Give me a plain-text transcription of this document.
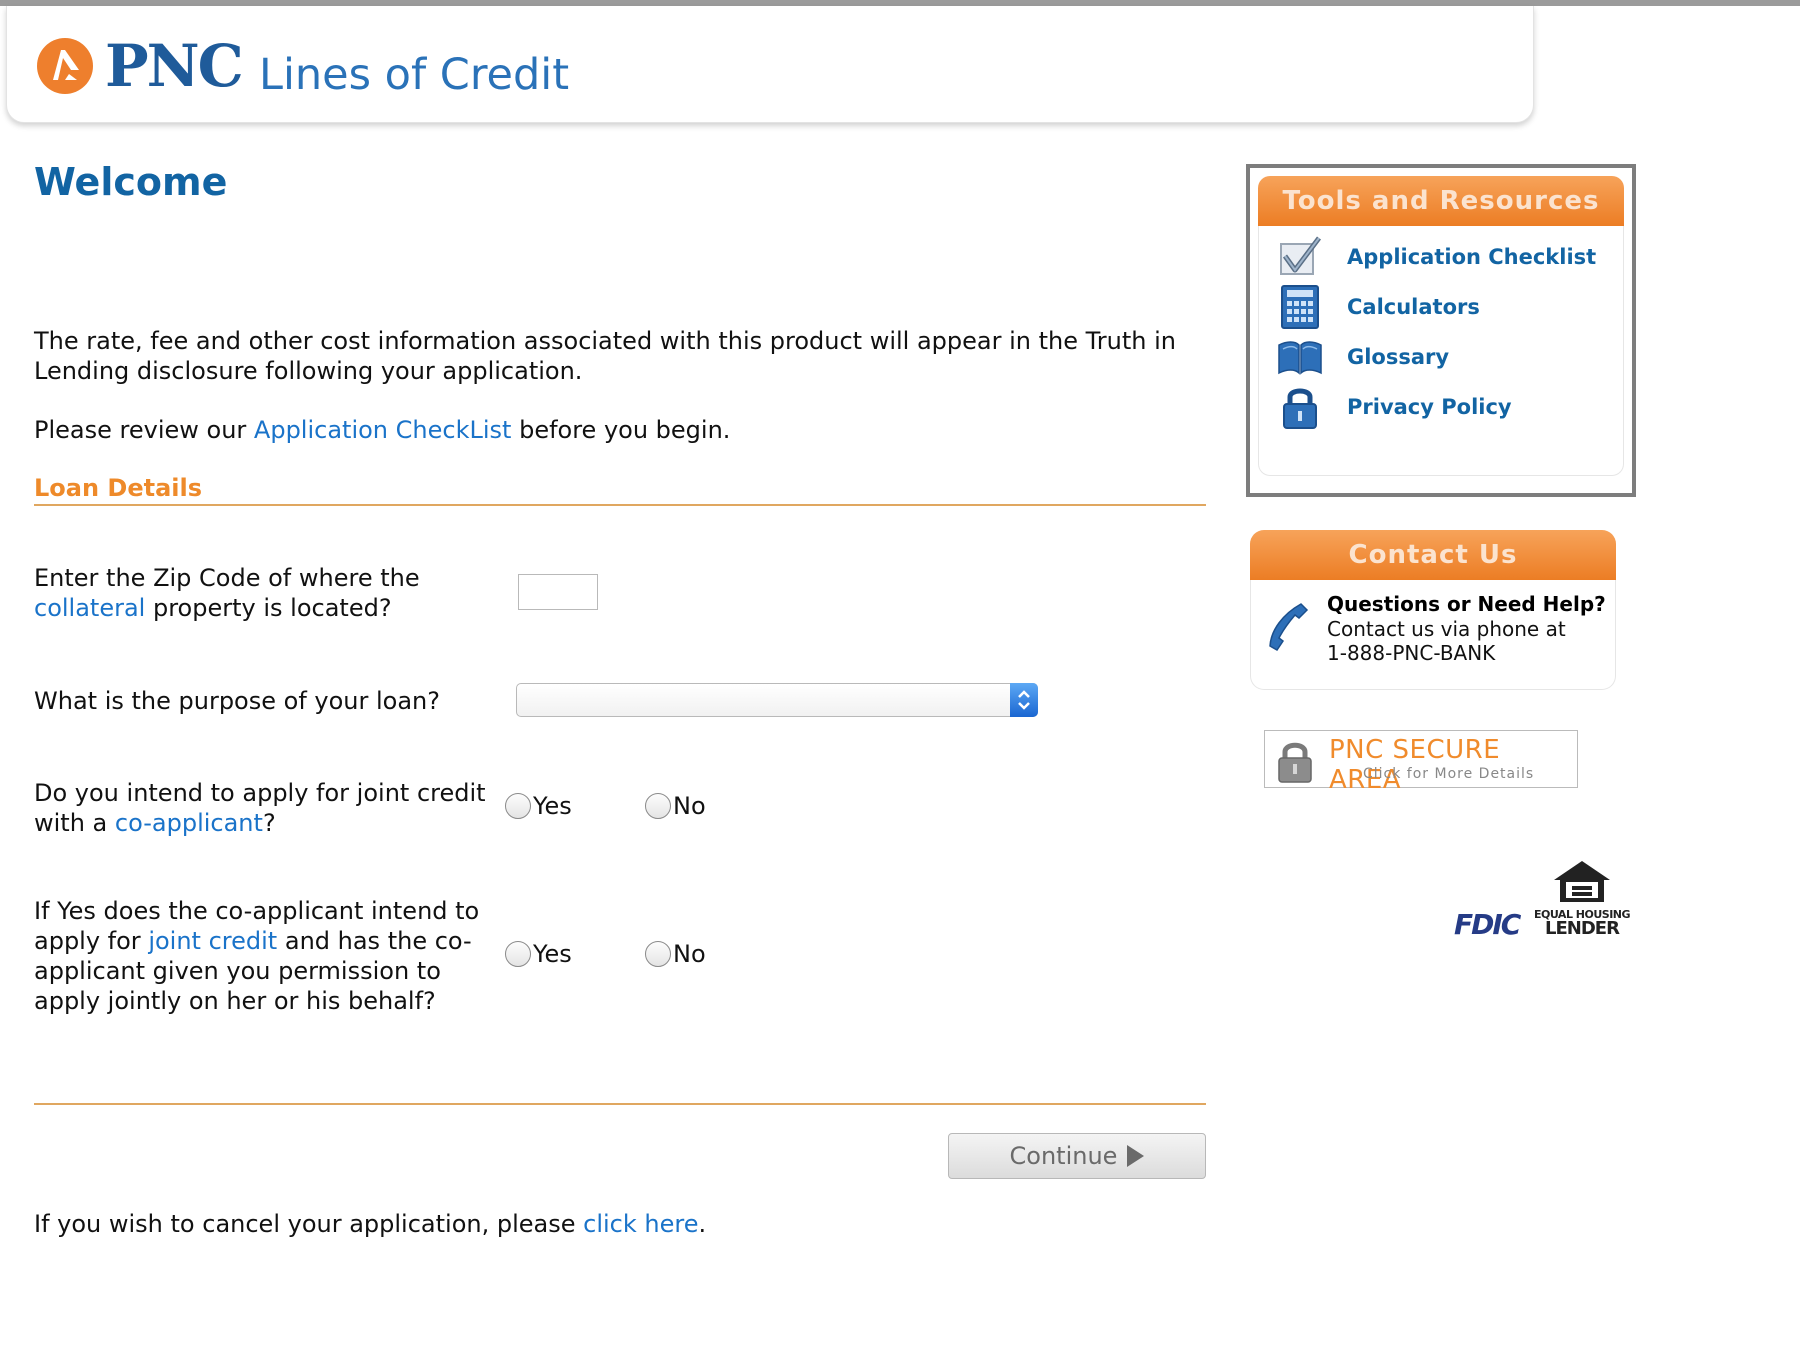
PNC Lines of Credit
Welcome
The rate, fee and other cost information associated with this product will appear in the Truth in Lending disclosure following your application.
Please review our Application CheckList before you begin.
Loan Details
Enter the Zip Code of where the
collateral property is located?
What is the purpose of your loan?
Do you intend to apply for joint credit
with a co-applicant?
Yes	No
If Yes does the co-applicant intend to
apply for joint credit and has the co-
applicant given you permission to
apply jointly on her or his behalf?
Yes	No
Continue
If you wish to cancel your application, please click here.
Tools and Resources
Application Checklist
Calculators
Glossary
Privacy Policy
Contact Us
Questions or Need Help?
Contact us via phone at
1-888-PNC-BANK
PNC SECURE AREA
Click for More Details
FDIC	EQUAL HOUSING
LENDER
